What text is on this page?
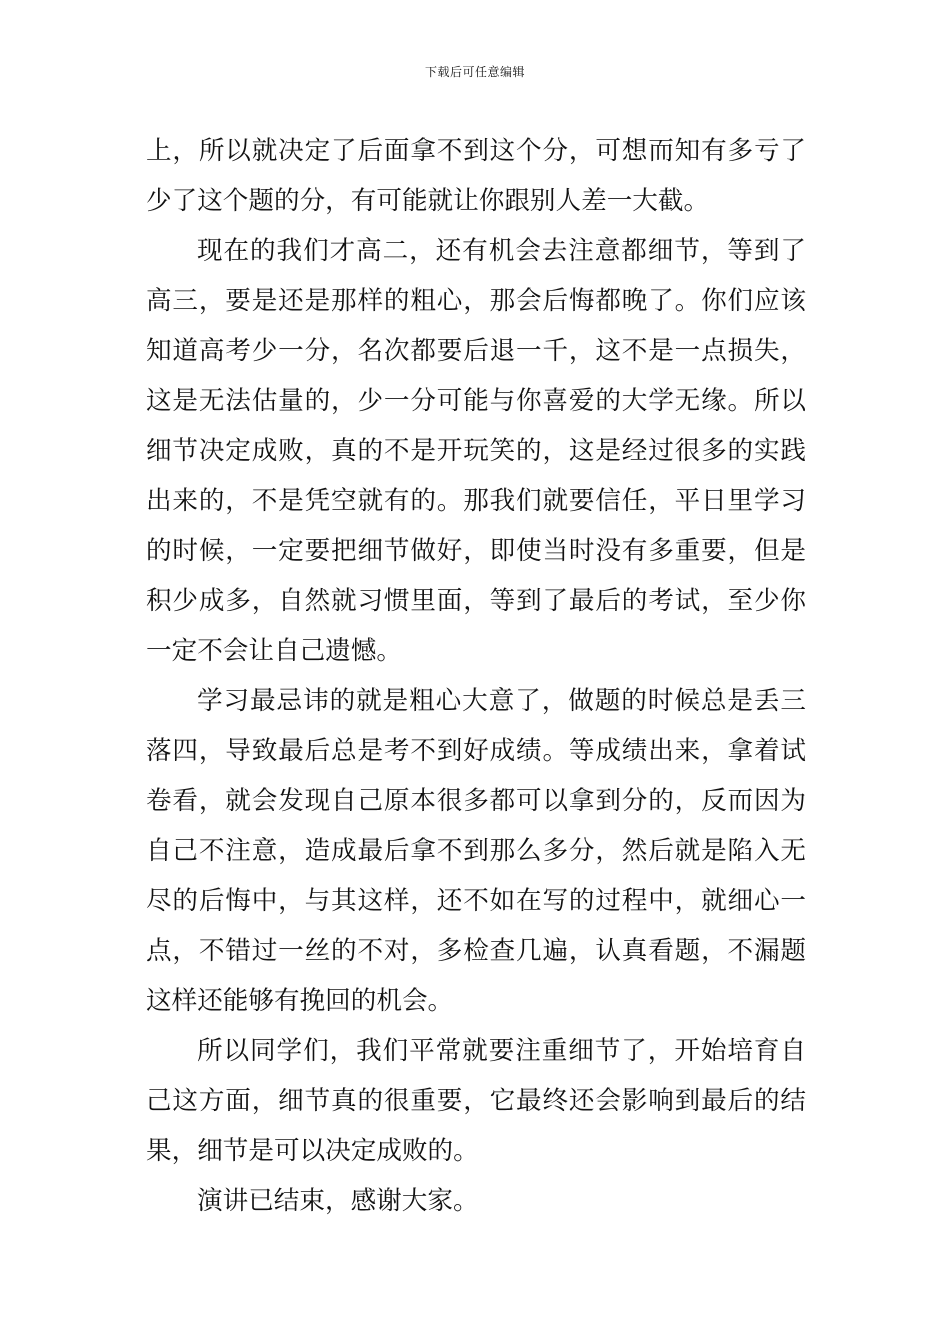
下载后可任意编辑
上，所以就决定了后面拿不到这个分，可想而知有多亏了
少了这个题的分，有可能就让你跟别人差一大截。
现在的我们才高二，还有机会去注意都细节，等到了
高三，要是还是那样的粗心，那会后悔都晚了。你们应该
知道高考少一分，名次都要后退一千，这不是一点损失，
这是无法估量的，少一分可能与你喜爱的大学无缘。所以
细节决定成败，真的不是开玩笑的，这是经过很多的实践
出来的，不是凭空就有的。那我们就要信任，平日里学习
的时候，一定要把细节做好，即使当时没有多重要，但是
积少成多，自然就习惯里面，等到了最后的考试，至少你
一定不会让自己遗憾。
学习最忌讳的就是粗心大意了，做题的时候总是丢三
落四，导致最后总是考不到好成绩。等成绩出来，拿着试
卷看，就会发现自己原本很多都可以拿到分的，反而因为
自己不注意，造成最后拿不到那么多分，然后就是陷入无
尽的后悔中，与其这样，还不如在写的过程中，就细心一
点，不错过一丝的不对，多检查几遍，认真看题，不漏题
这样还能够有挽回的机会。
所以同学们，我们平常就要注重细节了，开始培育自
己这方面，细节真的很重要，它最终还会影响到最后的结
果，细节是可以决定成败的。
演讲已结束，感谢大家。
